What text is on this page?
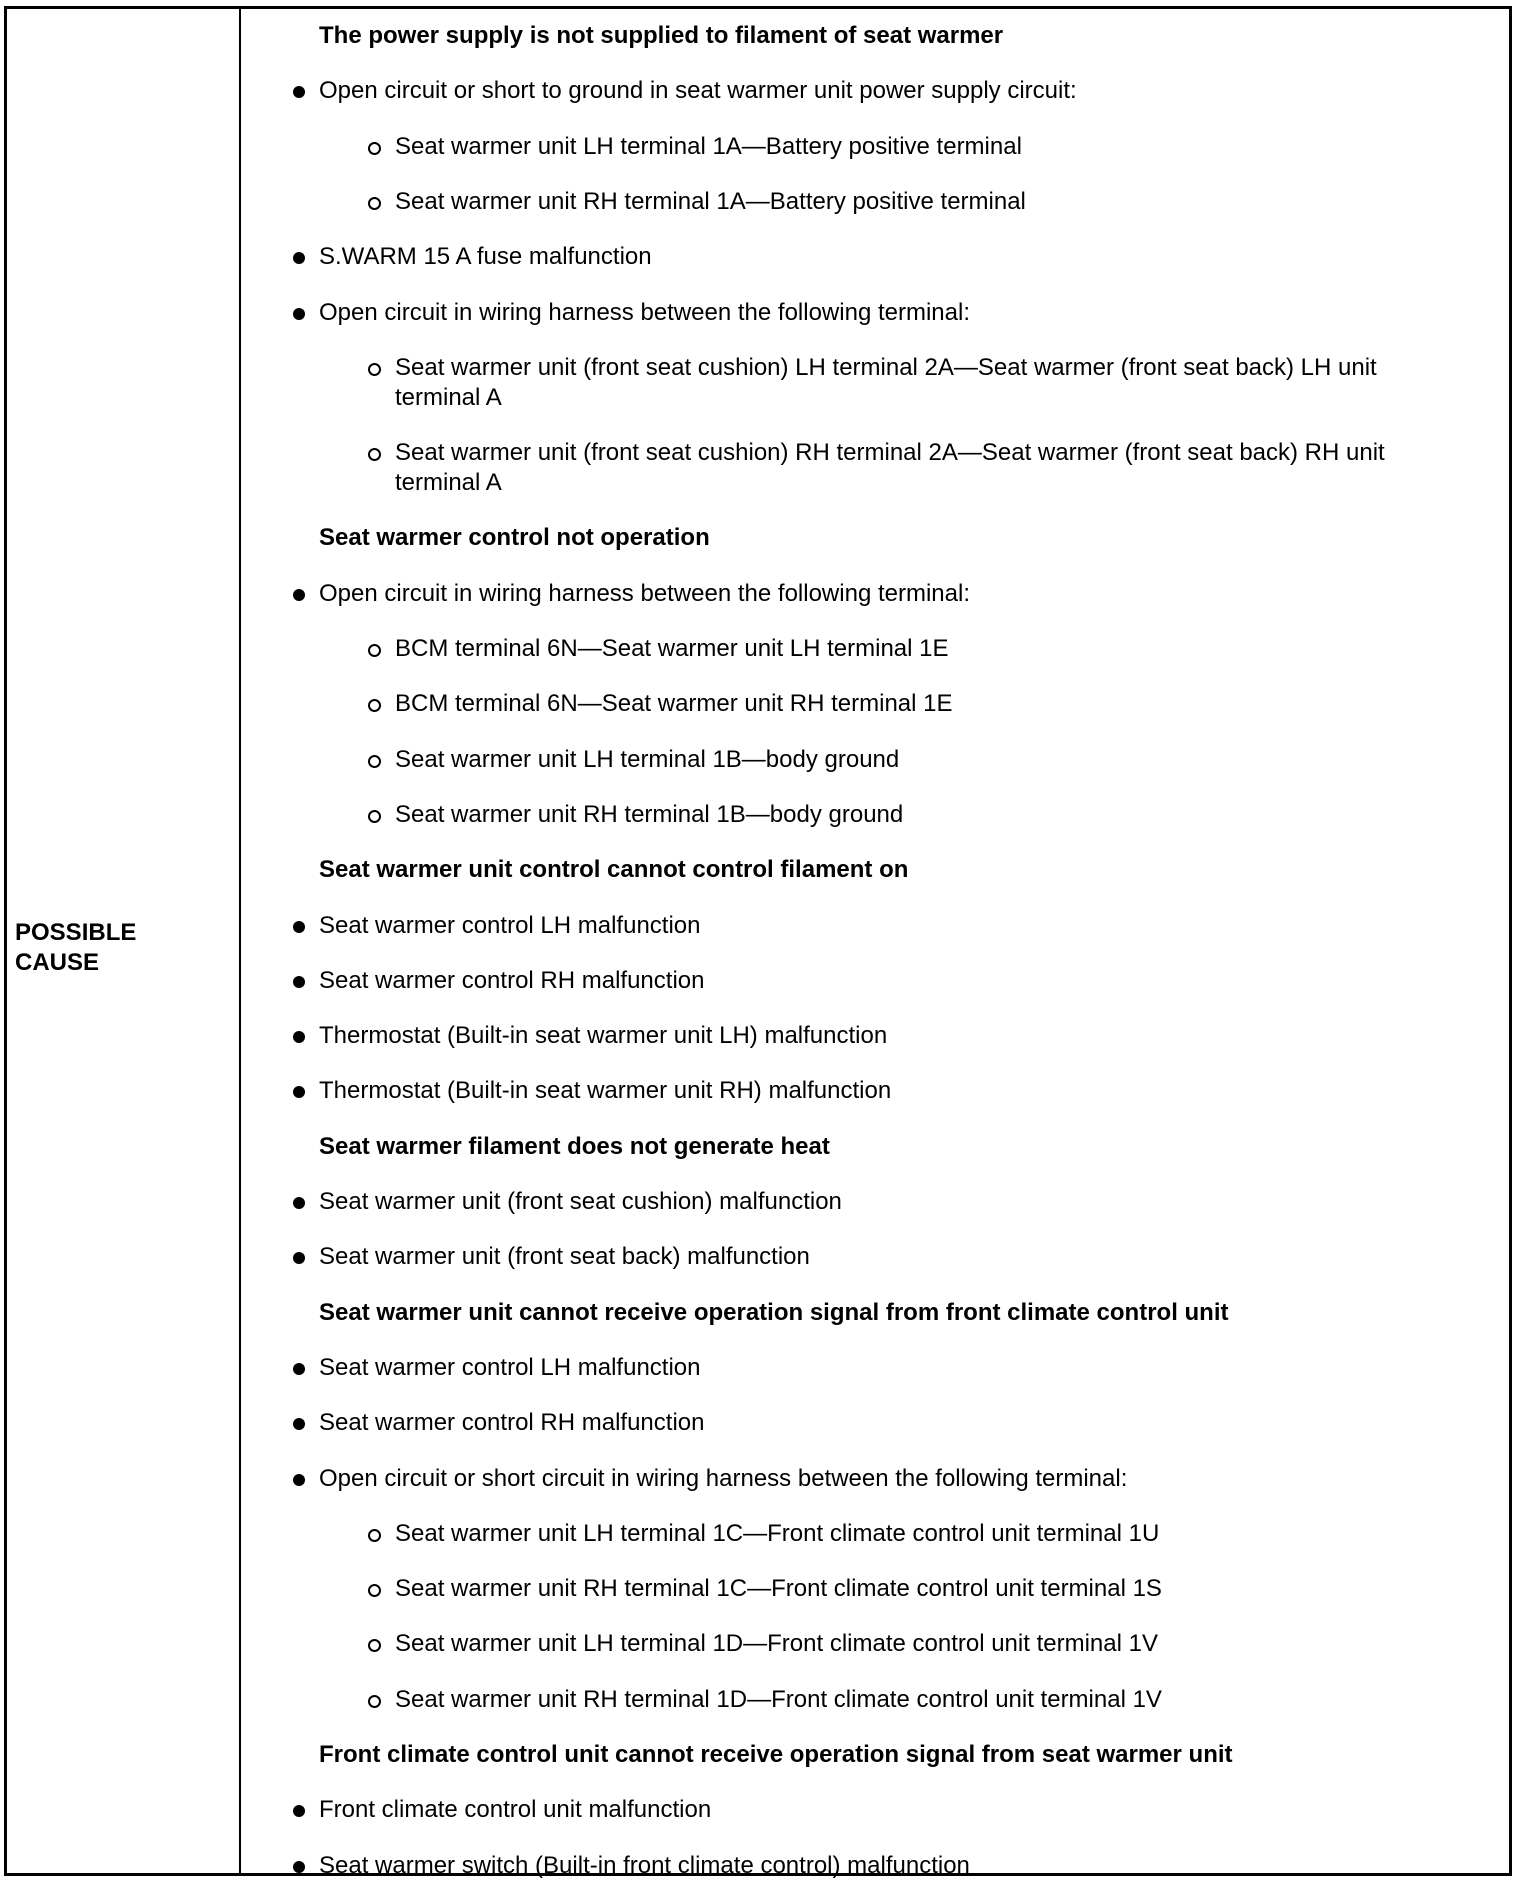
POSSIBLE CAUSE
The power supply is not supplied to filament of seat warmer
Open circuit or short to ground in seat warmer unit power supply circuit:
Seat warmer unit LH terminal 1A—Battery positive terminal
Seat warmer unit RH terminal 1A—Battery positive terminal
S.WARM 15 A fuse malfunction
Open circuit in wiring harness between the following terminal:
Seat warmer unit (front seat cushion) LH terminal 2A—Seat warmer (front seat back) LH unit terminal A
Seat warmer unit (front seat cushion) RH terminal 2A—Seat warmer (front seat back) RH unit terminal A
Seat warmer control not operation
Open circuit in wiring harness between the following terminal:
BCM terminal 6N—Seat warmer unit LH terminal 1E
BCM terminal 6N—Seat warmer unit RH terminal 1E
Seat warmer unit LH terminal 1B—body ground
Seat warmer unit RH terminal 1B—body ground
Seat warmer unit control cannot control filament on
Seat warmer control LH malfunction
Seat warmer control RH malfunction
Thermostat (Built-in seat warmer unit LH) malfunction
Thermostat (Built-in seat warmer unit RH) malfunction
Seat warmer filament does not generate heat
Seat warmer unit (front seat cushion) malfunction
Seat warmer unit (front seat back) malfunction
Seat warmer unit cannot receive operation signal from front climate control unit
Seat warmer control LH malfunction
Seat warmer control RH malfunction
Open circuit or short circuit in wiring harness between the following terminal:
Seat warmer unit LH terminal 1C—Front climate control unit terminal 1U
Seat warmer unit RH terminal 1C—Front climate control unit terminal 1S
Seat warmer unit LH terminal 1D—Front climate control unit terminal 1V
Seat warmer unit RH terminal 1D—Front climate control unit terminal 1V
Front climate control unit cannot receive operation signal from seat warmer unit
Front climate control unit malfunction
Seat warmer switch (Built-in front climate control) malfunction
